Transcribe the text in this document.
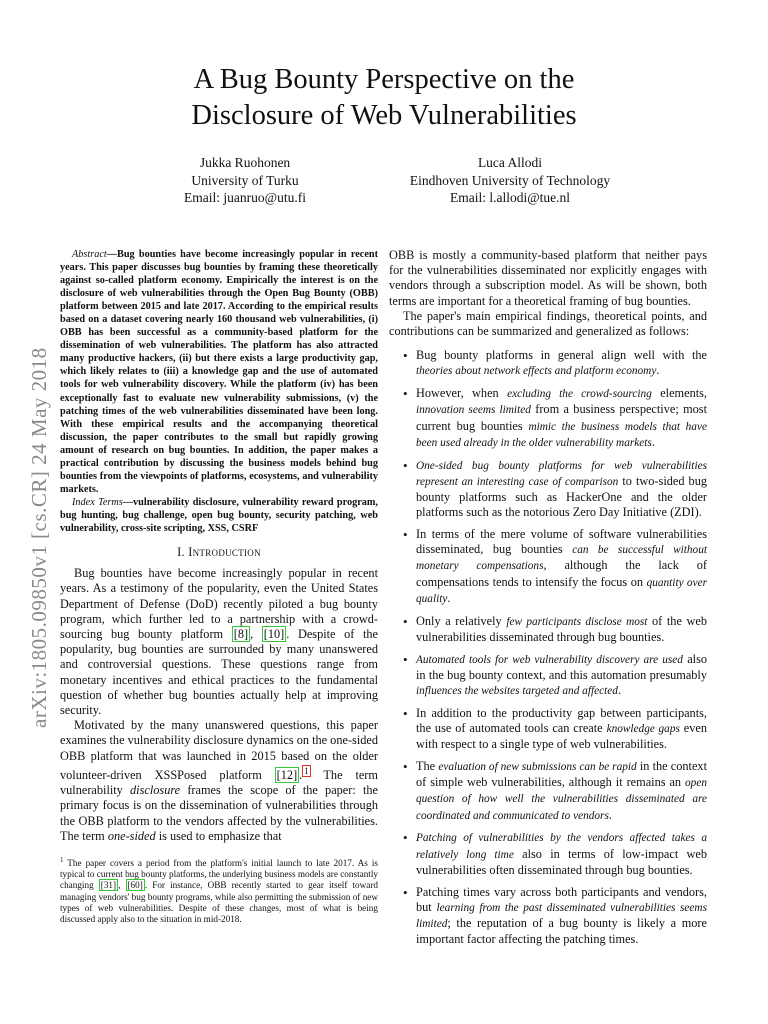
arXiv:1805.09850v1 [cs.CR] 24 May 2018
A Bug Bounty Perspective on the
Disclosure of Web Vulnerabilities
Jukka Ruohonen
University of Turku
Email: juanruo@utu.fi
Luca Allodi
Eindhoven University of Technology
Email: l.allodi@tue.nl

Abstract—Bug bounties have become increasingly popular in recent years. This paper discusses bug bounties by framing these theoretically against so-called platform economy. Empirically the interest is on the disclosure of web vulnerabilities through the Open Bug Bounty (OBB) platform between 2015 and late 2017. According to the empirical results based on a dataset covering nearly 160 thousand web vulnerabilities, (i) OBB has been successful as a community-based platform for the dissemination of web vulnerabilities. The platform has also attracted many productive hackers, (ii) but there exists a large productivity gap, which likely relates to (iii) a knowledge gap and the use of automated tools for web vulnerability discovery. While the platform (iv) has been exceptionally fast to evaluate new vulnerability submissions, (v) the patching times of the web vulnerabilities disseminated have been long. With these empirical results and the accompanying theoretical discussion, the paper contributes to the small but rapidly growing amount of research on bug bounties. In addition, the paper makes a practical contribution by discussing the business models behind bug bounties from the viewpoints of platforms, ecosystems, and vulnerability markets.

Index Terms—vulnerability disclosure, vulnerability reward program, bug hunting, bug challenge, open bug bounty, security patching, web vulnerability, cross-site scripting, XSS, CSRF

I. Introduction

Bug bounties have become increasingly popular in recent years. As a testimony of the popularity, even the United States Department of Defense (DoD) recently piloted a bug bounty program, which further led to a partnership with a crowd-sourcing bug bounty platform [8] , [10] . Despite of the popularity, bug bounties are surrounded by many unanswered and controversial questions. These questions range from monetary incentives and ethical practices to the fundamental question of whether bug bounties actually help at improving security.

Motivated by the many unanswered questions, this paper examines the vulnerability disclosure dynamics on the one-sided OBB platform that was launched in 2015 based on the older volunteer-driven XSSPosed platform [12] . $^1$ The term vulnerability disclosure frames the scope of the paper: the primary focus is on the dissemination of vulnerabilities through the OBB platform to the vendors affected by the vulnerabilities. The term one-sided is used to emphasize that

$^1$ The paper covers a period from the platform's initial launch to late 2017. As is typical to current bug bounty platforms, the underlying business models are constantly changing [31] , [60] . For instance, OBB recently started to gear itself toward managing vendors' bug bounty programs, while also permitting the submission of new types of web vulnerabilities. Despite of these changes, most of what is being discussed apply also to the situation in mid-2018.

OBB is mostly a community-based platform that neither pays for the vulnerabilities disseminated nor explicitly engages with vendors through a subscription model. As will be shown, both terms are important for a theoretical framing of bug bounties.

The paper's main empirical findings, theoretical points, and contributions can be summarized and generalized as follows:

• Bug bounty platforms in general align well with the theories about network effects and platform economy.
• However, when excluding the crowd-sourcing elements, innovation seems limited from a business perspective; most current bug bounties mimic the business models that have been used already in the older vulnerability markets.
• One-sided bug bounty platforms for web vulnerabilities represent an interesting case of comparison to two-sided bug bounty platforms such as HackerOne and the older platforms such as the notorious Zero Day Initiative (ZDI).
• In terms of the mere volume of software vulnerabilities disseminated, bug bounties can be successful without monetary compensations, although the lack of compensations tends to intensify the focus on quantity over quality.
• Only a relatively few participants disclose most of the web vulnerabilities disseminated through bug bounties.
• Automated tools for web vulnerability discovery are used also in the bug bounty context, and this automation presumably influences the websites targeted and affected.
• In addition to the productivity gap between participants, the use of automated tools can create knowledge gaps even with respect to a single type of web vulnerabilities.
• The evaluation of new submissions can be rapid in the context of simple web vulnerabilities, although it remains an open question of how well the vulnerabilities disseminated are coordinated and communicated to vendors.
• Patching of vulnerabilities by the vendors affected takes a relatively long time also in terms of low-impact web vulnerabilities often disseminated through bug bounties.
• Patching times vary across both participants and vendors, but learning from the past disseminated vulnerabilities seems limited; the reputation of a bug bounty is likely a more important factor affecting the patching times.
